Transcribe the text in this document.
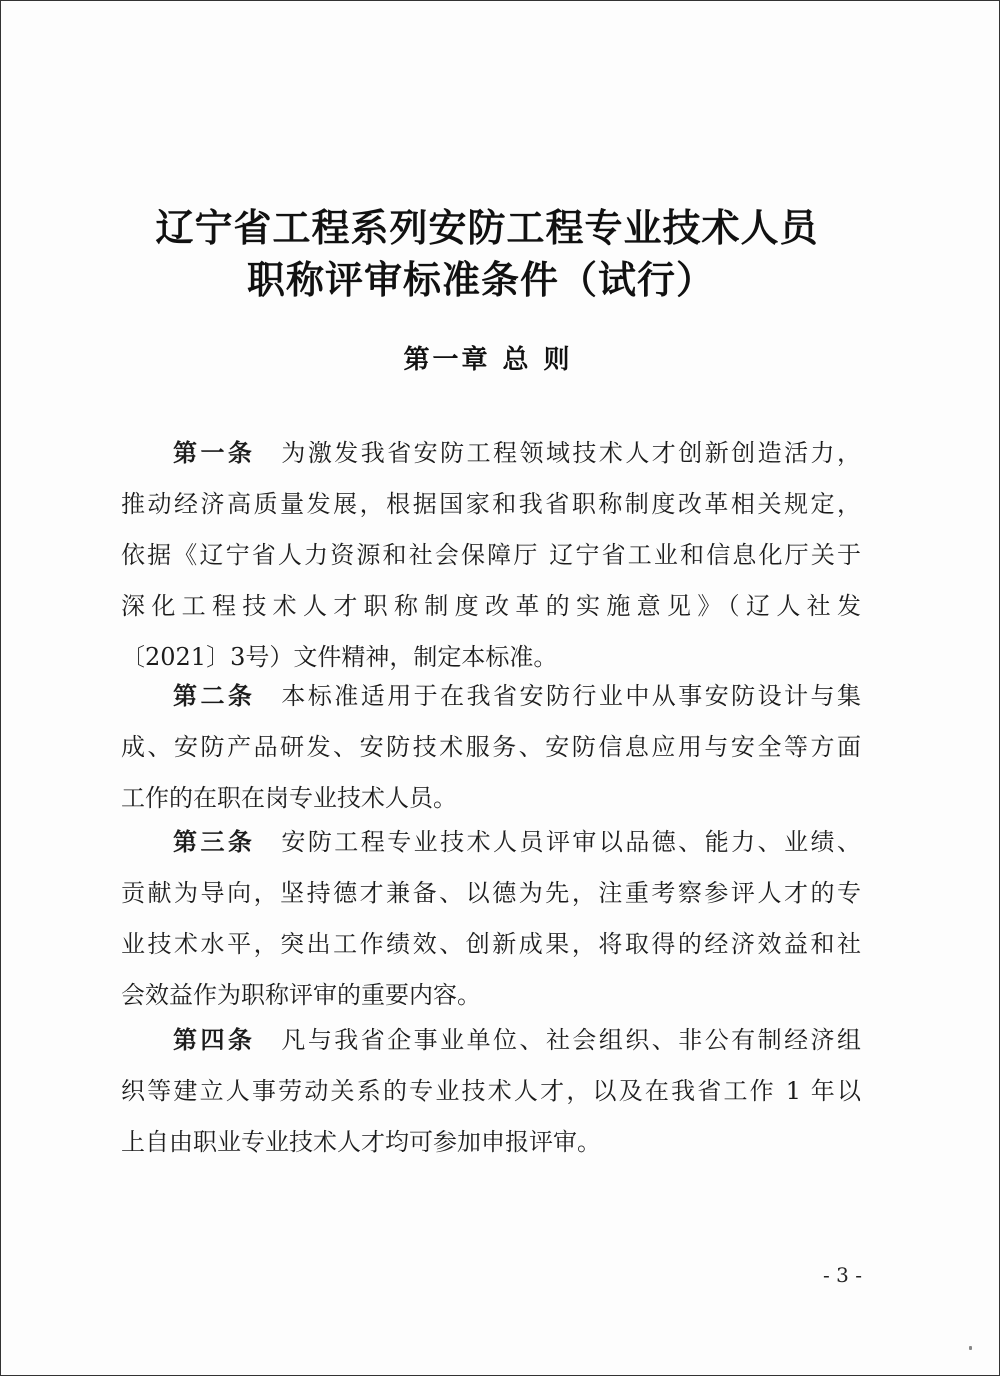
辽宁省工程系列安防工程专业技术人员
职称评审标准条件（试行）
第一章 总 则
第一条 为激发我省安防工程领域技术人才创新创造活力，
推动经济高质量发展，根据国家和我省职称制度改革相关规定，
依据《辽宁省人力资源和社会保障厅 辽宁省工业和信息化厅关于
深化工程技术人才职称制度改革的实施意见》（辽人社发
〔2021〕3号）文件精神，制定本标准。
第二条 本标准适用于在我省安防行业中从事安防设计与集
成、安防产品研发、安防技术服务、安防信息应用与安全等方面
工作的在职在岗专业技术人员。
第三条 安防工程专业技术人员评审以品德、能力、业绩、
贡献为导向，坚持德才兼备、以德为先，注重考察参评人才的专
业技术水平，突出工作绩效、创新成果，将取得的经济效益和社
会效益作为职称评审的重要内容。
第四条 凡与我省企事业单位、社会组织、非公有制经济组
织等建立人事劳动关系的专业技术人才，以及在我省工作 1 年以
上自由职业专业技术人才均可参加申报评审。
- 3 -
